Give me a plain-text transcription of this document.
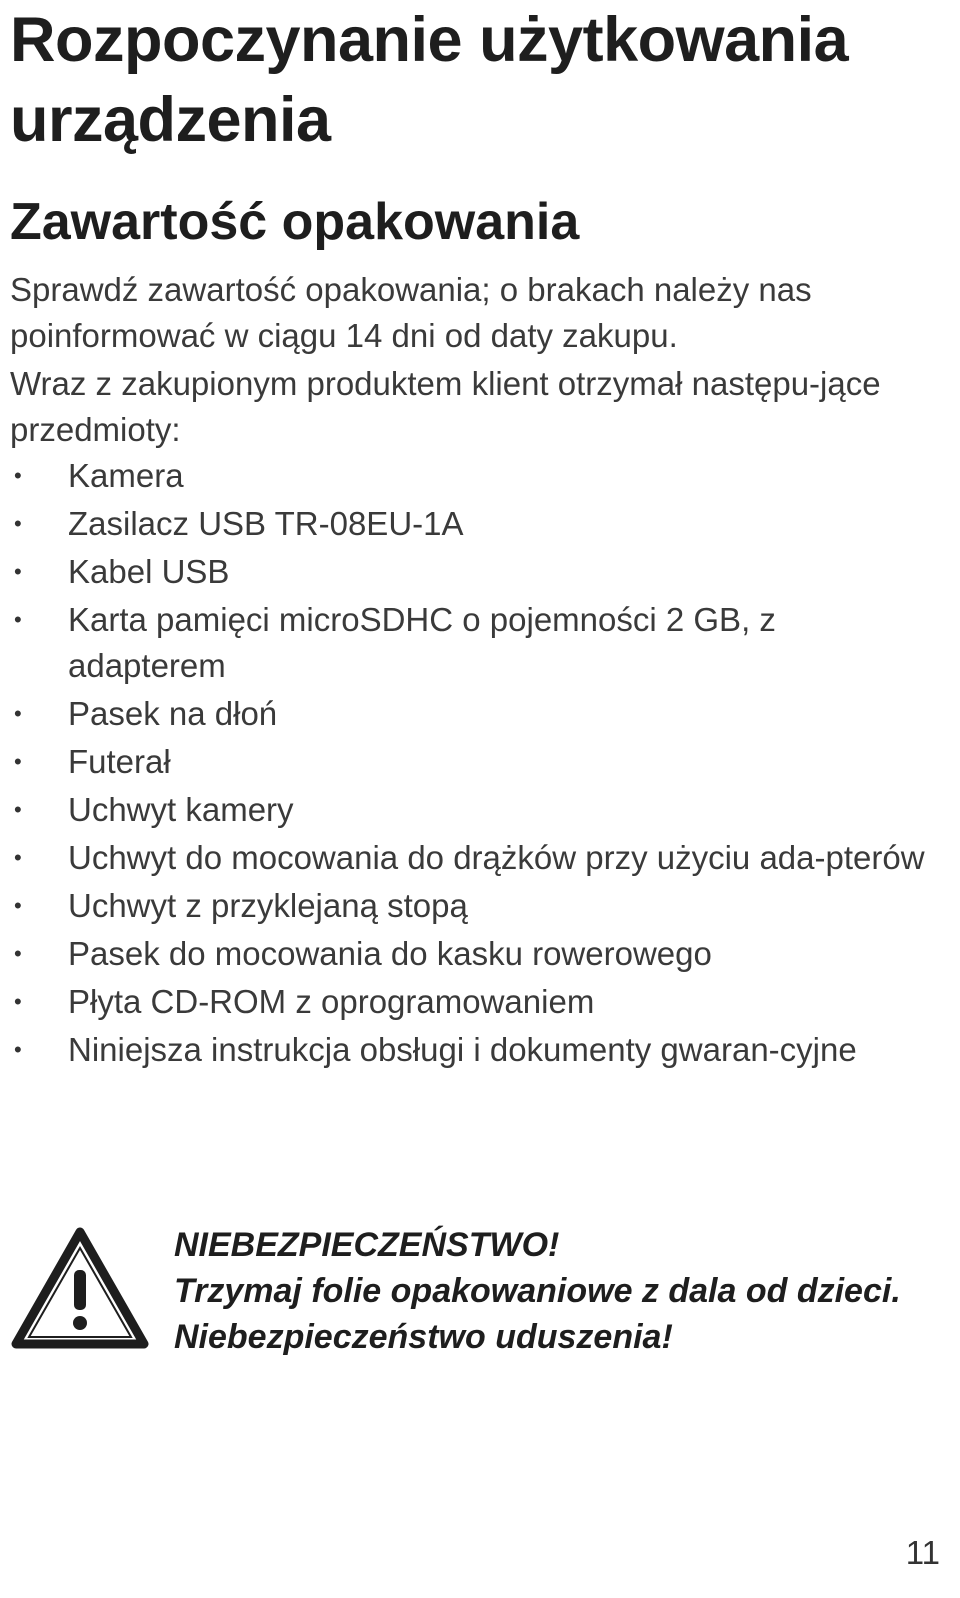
Rozpoczynanie użytkowania urządzenia
Zawartość opakowania

Sprawdź zawartość opakowania; o brakach należy nas poinformować w ciągu 14 dni od daty zakupu.

Wraz z zakupionym produktem klient otrzymał następu-jące przedmioty:

•	Kamera
•	Zasilacz USB TR-08EU-1A
•	Kabel USB
•	Karta pamięci microSDHC o pojemności 2 GB, z adapterem
•	Pasek na dłoń
•	Futerał
•	Uchwyt kamery
•	Uchwyt do mocowania do drążków przy użyciu ada-pterów
•	Uchwyt z przyklejaną stopą
•	Pasek do mocowania do kasku rowerowego
•	Płyta CD-ROM z oprogramowaniem
•	Niniejsza instrukcja obsługi i dokumenty gwaran-cyjne
NIEBEZPIECZEŃSTWO!
Trzymaj folie opakowaniowe z dala od dzieci. Niebezpieczeństwo uduszenia!
11
